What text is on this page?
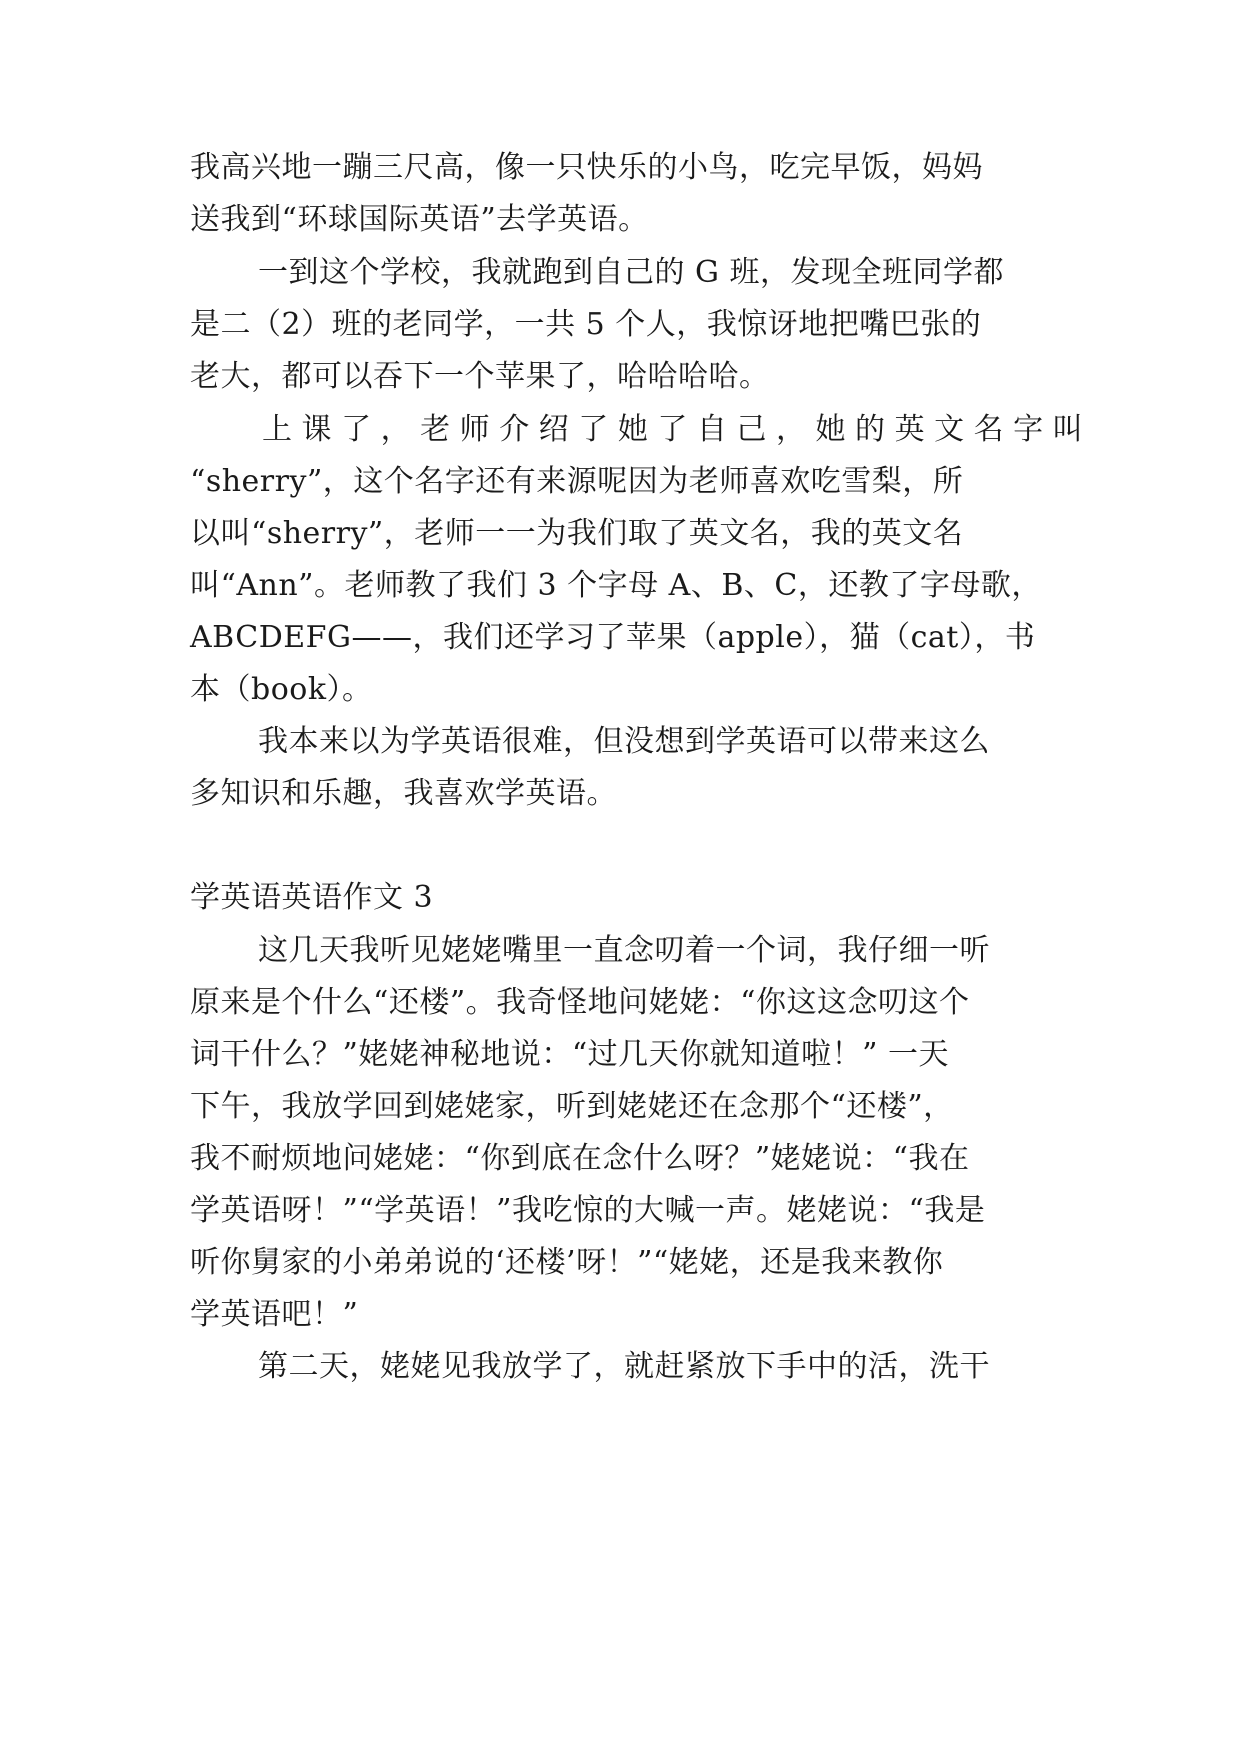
我高兴地一蹦三尺高，像一只快乐的小鸟，吃完早饭，妈妈
送我到“环球国际英语”去学英语。
一到这个学校，我就跑到自己的 G 班，发现全班同学都
是二（2）班的老同学，一共 5 个人，我惊讶地把嘴巴张的
老大，都可以吞下一个苹果了，哈哈哈哈。
上 课 了 ， 老 师 介 绍 了 她 了 自 己 ， 她 的 英 文 名 字 叫
“sherry”，这个名字还有来源呢因为老师喜欢吃雪梨，所
以叫“sherry”，老师一一为我们取了英文名，我的英文名
叫“Ann”。老师教了我们 3 个字母 A、B、C，还教了字母歌，
ABCDEFG——，我们还学习了苹果（apple），猫（cat），书
本（book）。
我本来以为学英语很难，但没想到学英语可以带来这么
多知识和乐趣，我喜欢学英语。
学英语英语作文 3
这几天我听见姥姥嘴里一直念叨着一个词，我仔细一听
原来是个什么“还楼”。我奇怪地问姥姥：“你这这念叨这个
词干什么？”姥姥神秘地说：“过几天你就知道啦！” 一天
下午，我放学回到姥姥家，听到姥姥还在念那个“还楼”，
我不耐烦地问姥姥：“你到底在念什么呀？”姥姥说：“我在
学英语呀！”“学英语！”我吃惊的大喊一声。姥姥说：“我是
听你舅家的小弟弟说的‘还楼’呀！”“姥姥，还是我来教你
学英语吧！”
第二天，姥姥见我放学了，就赶紧放下手中的活，洗干
